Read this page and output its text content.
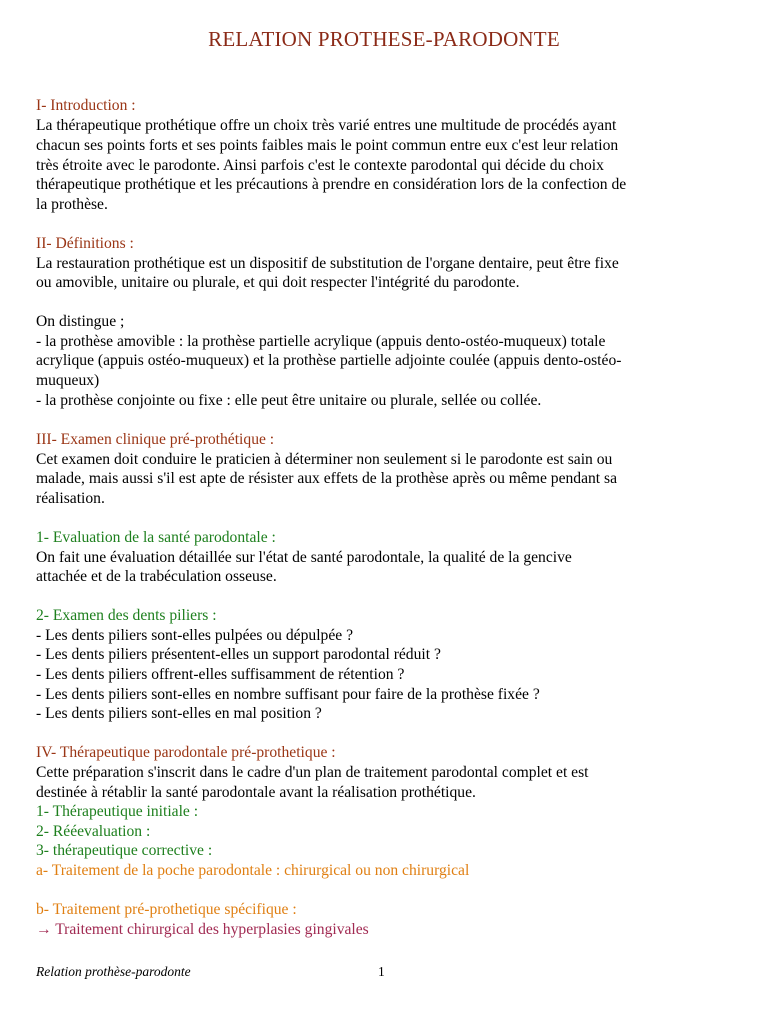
RELATION PROTHESE-PARODONTE
I- Introduction :
La thérapeutique prothétique offre un choix très varié entres une multitude de procédés ayant
chacun ses points forts et ses points faibles mais le point commun entre eux c'est leur relation
très étroite avec le parodonte. Ainsi parfois c'est le contexte parodontal qui décide du choix
thérapeutique prothétique et les précautions à prendre en considération lors de la confection de
la prothèse.
II- Définitions :
La restauration prothétique est un dispositif de substitution de l'organe dentaire, peut être fixe
ou amovible, unitaire ou plurale, et qui doit respecter l'intégrité du parodonte.
On distingue ;
- la prothèse amovible : la prothèse partielle acrylique (appuis dento-ostéo-muqueux) totale
acrylique (appuis ostéo-muqueux) et la prothèse partielle adjointe coulée (appuis dento-ostéo-
muqueux)
- la prothèse conjointe ou fixe : elle peut être unitaire ou plurale, sellée ou collée.
III- Examen clinique pré-prothétique :
Cet examen doit conduire le praticien à déterminer non seulement si le parodonte est sain ou
malade, mais aussi s'il est apte de résister aux effets de la prothèse après ou même pendant sa
réalisation.
1- Evaluation de la santé parodontale :
On fait une évaluation détaillée sur l'état de santé parodontale, la qualité de la gencive
attachée et de la trabéculation osseuse.
2- Examen des dents piliers :
- Les dents piliers sont-elles pulpées ou dépulpée ?
- Les dents piliers présentent-elles un support parodontal réduit ?
- Les dents piliers offrent-elles suffisamment de rétention ?
- Les dents piliers sont-elles en nombre suffisant pour faire de la prothèse fixée ?
- Les dents piliers sont-elles en mal position ?
IV- Thérapeutique parodontale pré-prothetique :
Cette préparation s'inscrit dans le cadre d'un plan de traitement parodontal complet et est
destinée à rétablir la santé parodontale avant la réalisation prothétique.
1- Thérapeutique initiale :
2- Rééevaluation :
3- thérapeutique corrective :
a- Traitement de la poche parodontale : chirurgical ou non chirurgical
b- Traitement pré-prothetique spécifique :
→ Traitement chirurgical des hyperplasies gingivales
Relation prothèse-parodonte	1
